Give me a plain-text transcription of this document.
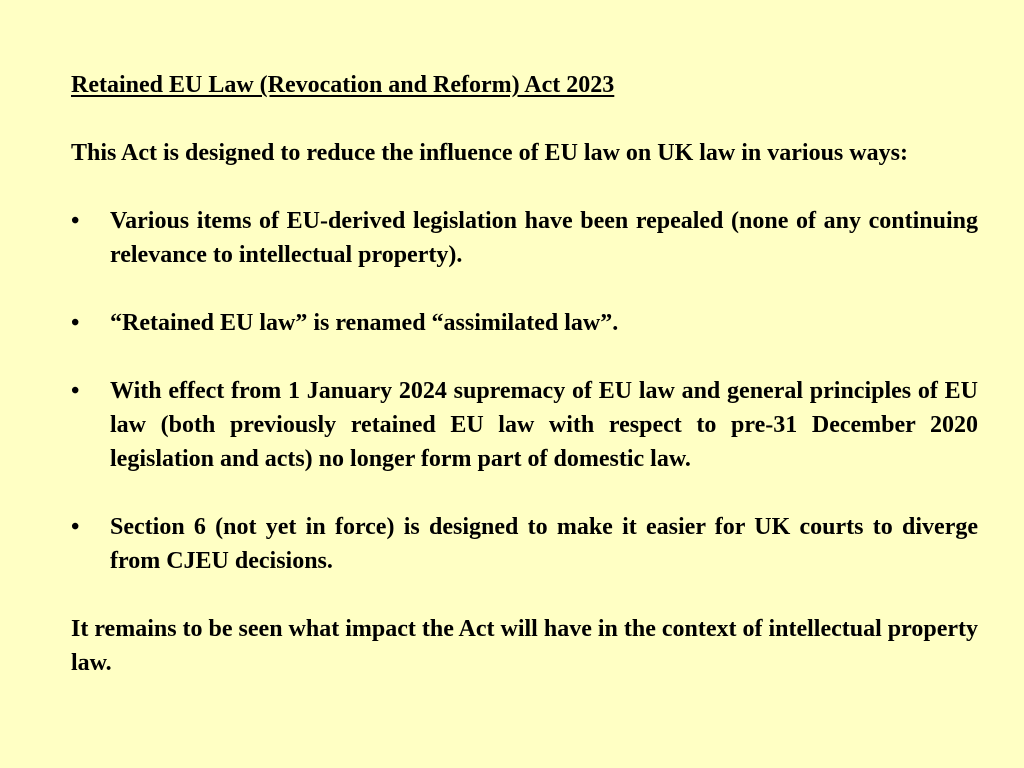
Retained EU Law (Revocation and Reform) Act 2023

This Act is designed to reduce the influence of EU law on UK law in various ways:

•	Various items of EU-derived legislation have been repealed (none of any continuing relevance to intellectual property).
•	“Retained EU law” is renamed “assimilated law”.
•	With effect from 1 January 2024 supremacy of EU law and general principles of EU law (both previously retained EU law with respect to pre-31 December 2020 legislation and acts) no longer form part of domestic law.
•	Section 6 (not yet in force) is designed to make it easier for UK courts to diverge from CJEU decisions.

It remains to be seen what impact the Act will have in the context of intellectual property law.
